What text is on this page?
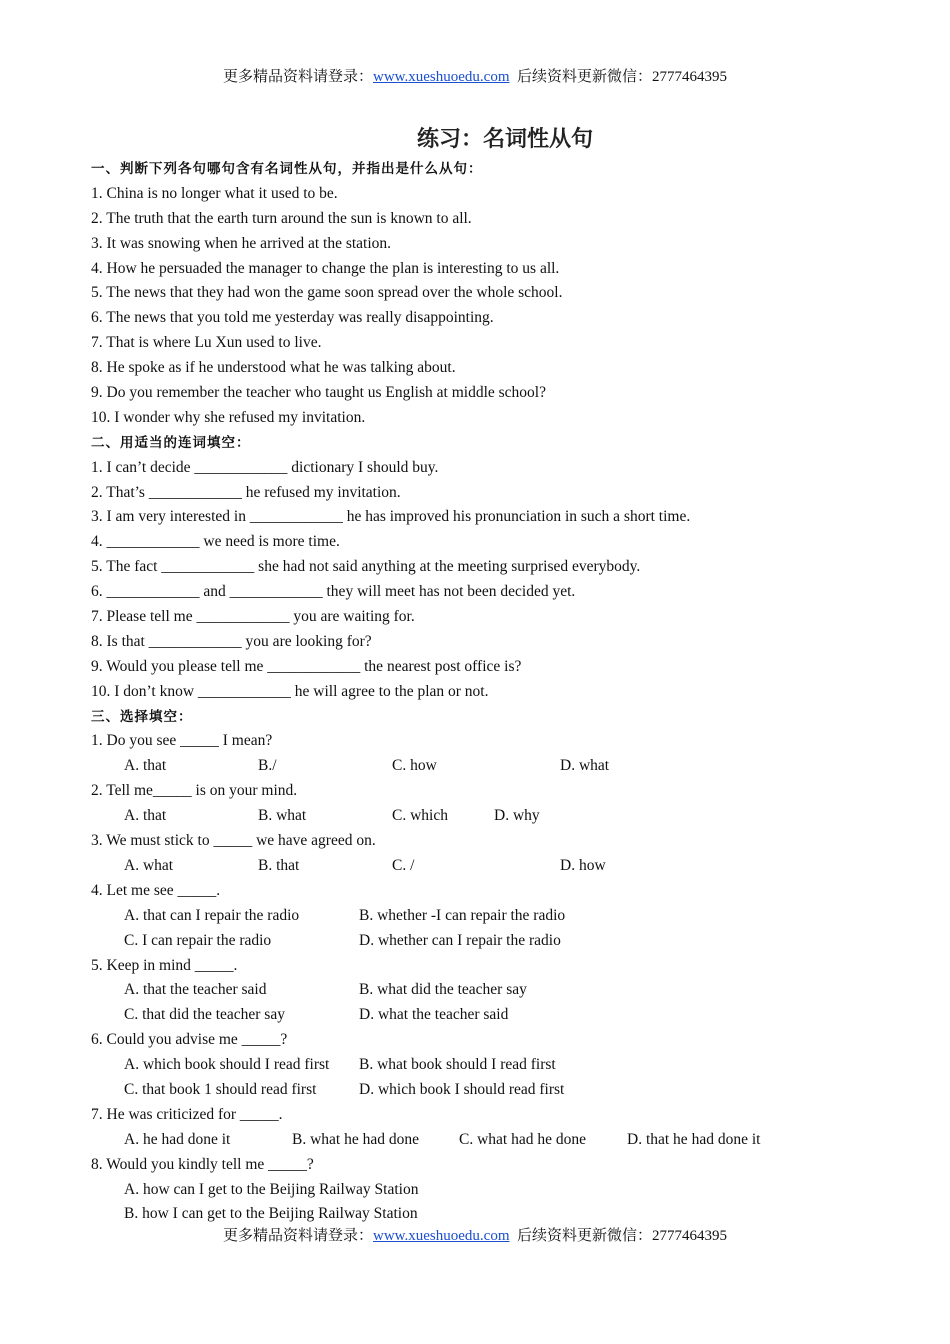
更多精品资料请登录：www.xueshuoedu.com  后续资料更新微信：2777464395
练习：名词性从句
一、判断下列各句哪句含有名词性从句，并指出是什么从句：
1. China is no longer what it used to be.
2. The truth that the earth turn around the sun is known to all.
3. It was snowing when he arrived at the station.
4. How he persuaded the manager to change the plan is interesting to us all.
5. The news that they had won the game soon spread over the whole school.
6. The news that you told me yesterday was really disappointing.
7. That is where Lu Xun used to live.
8. He spoke as if he understood what he was talking about.
9. Do you remember the teacher who taught us English at middle school?
10. I wonder why she refused my invitation.
二、用适当的连词填空：
1. I can’t decide ____________ dictionary I should buy.
2. That’s ____________ he refused my invitation.
3. I am very interested in ____________ he has improved his pronunciation in such a short time.
4. ____________ we need is more time.
5. The fact ____________ she had not said anything at the meeting surprised everybody.
6. ____________ and ____________ they will meet has not been decided yet.
7. Please tell me ____________ you are waiting for.
8. Is that ____________ you are looking for?
9. Would you please tell me ____________ the nearest post office is?
10. I don’t know ____________ he will agree to the plan or not.
三、选择填空：
1. Do you see _____ I mean?
A. that	B./	C. how	D. what
2. Tell me_____ is on your mind.
A. that	B. what	C. which	D. why
3. We must stick to _____ we have agreed on.
A. what	B. that	C. /	D. how
4. Let me see _____.
A. that can I repair the radio	B. whether -I can repair the radio
C. I can repair the radio	D. whether can I repair the radio
5. Keep in mind _____.
A. that the teacher said	B. what did the teacher say
C. that did the teacher say	D. what the teacher said
6. Could you advise me _____?
A. which book should I read first B. what book should I read first
C. that book 1 should read first	D. which book I should read first
7. He was criticized for _____.
A. he had done it	B. what he had done	C. what had he done	D. that he had done it
8. Would you kindly tell me _____?
A. how can I get to the Beijing Railway Station
B. how I can get to the Beijing Railway Station
更多精品资料请登录：www.xueshuoedu.com  后续资料更新微信：2777464395
